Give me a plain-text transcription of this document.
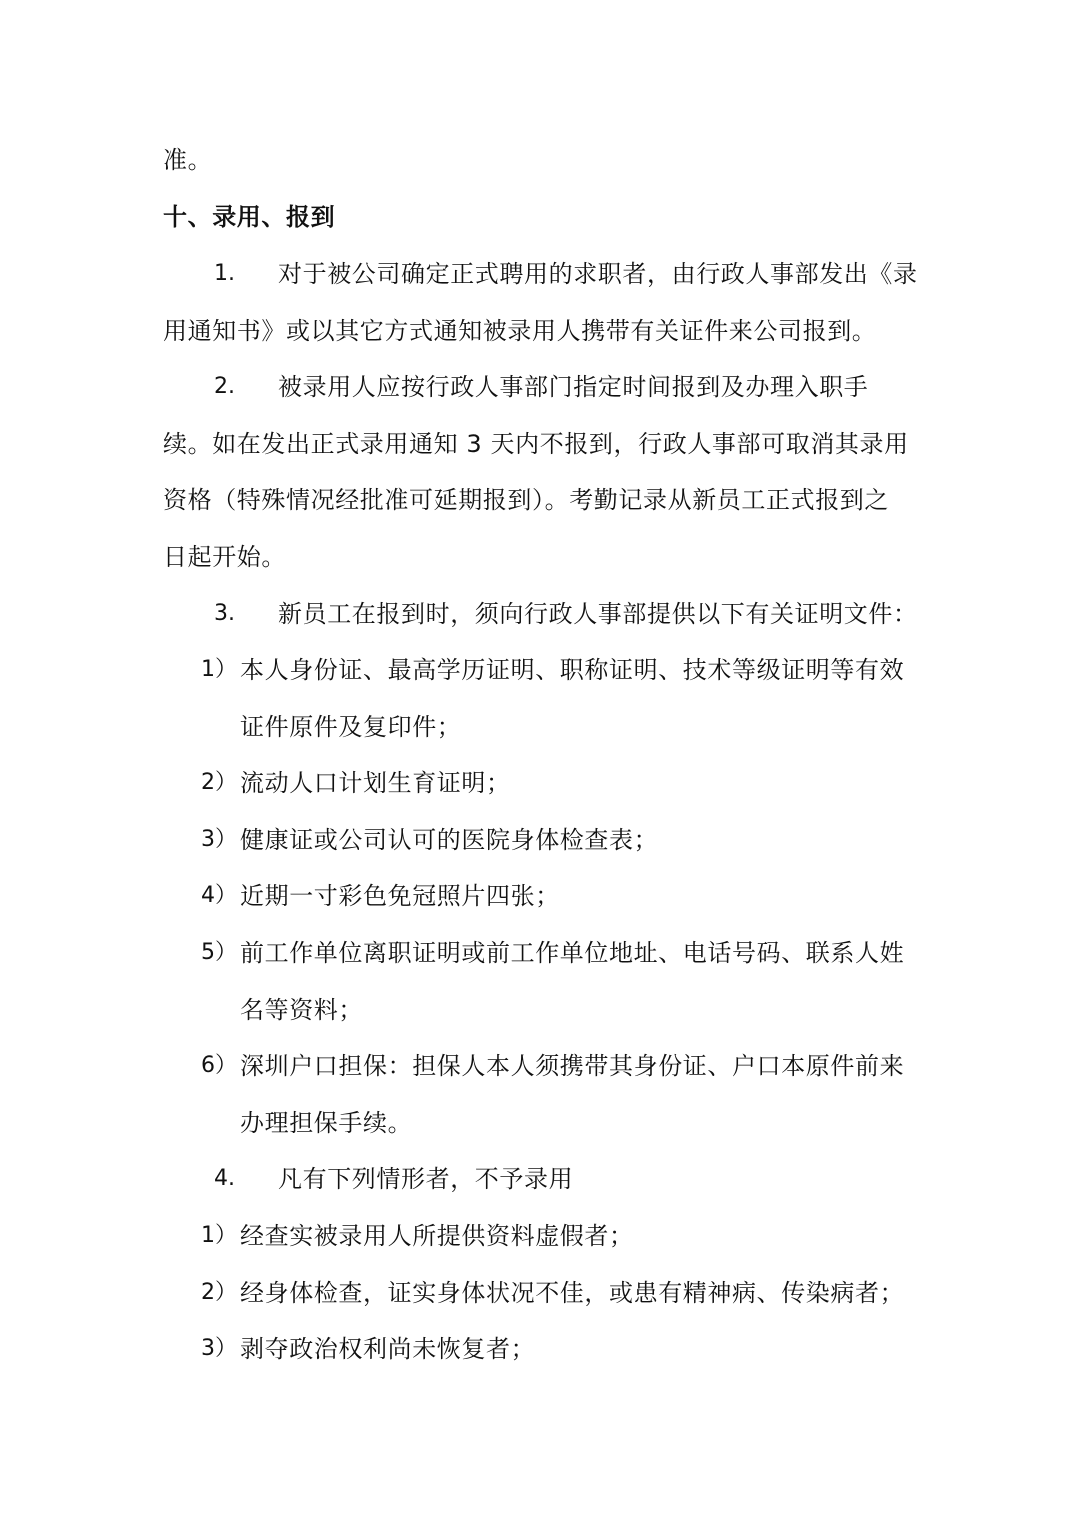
准。
十、录用、报到
1. 对于被公司确定正式聘用的求职者，由行政人事部发出《录
用通知书》或以其它方式通知被录用人携带有关证件来公司报到。
2. 被录用人应按行政人事部门指定时间报到及办理入职手
续。如在发出正式录用通知 3 天内不报到，行政人事部可取消其录用
资格（特殊情况经批准可延期报到）。考勤记录从新员工正式报到之
日起开始。
3. 新员工在报到时，须向行政人事部提供以下有关证明文件：
1） 本人身份证、最高学历证明、职称证明、技术等级证明等有效
证件原件及复印件；
2） 流动人口计划生育证明；
3） 健康证或公司认可的医院身体检查表；
4） 近期一寸彩色免冠照片四张；
5） 前工作单位离职证明或前工作单位地址、电话号码、联系人姓
名等资料；
6） 深圳户口担保：担保人本人须携带其身份证、户口本原件前来
办理担保手续。
4. 凡有下列情形者，不予录用
1） 经查实被录用人所提供资料虚假者；
2） 经身体检查，证实身体状况不佳，或患有精神病、传染病者；
3） 剥夺政治权利尚未恢复者；
